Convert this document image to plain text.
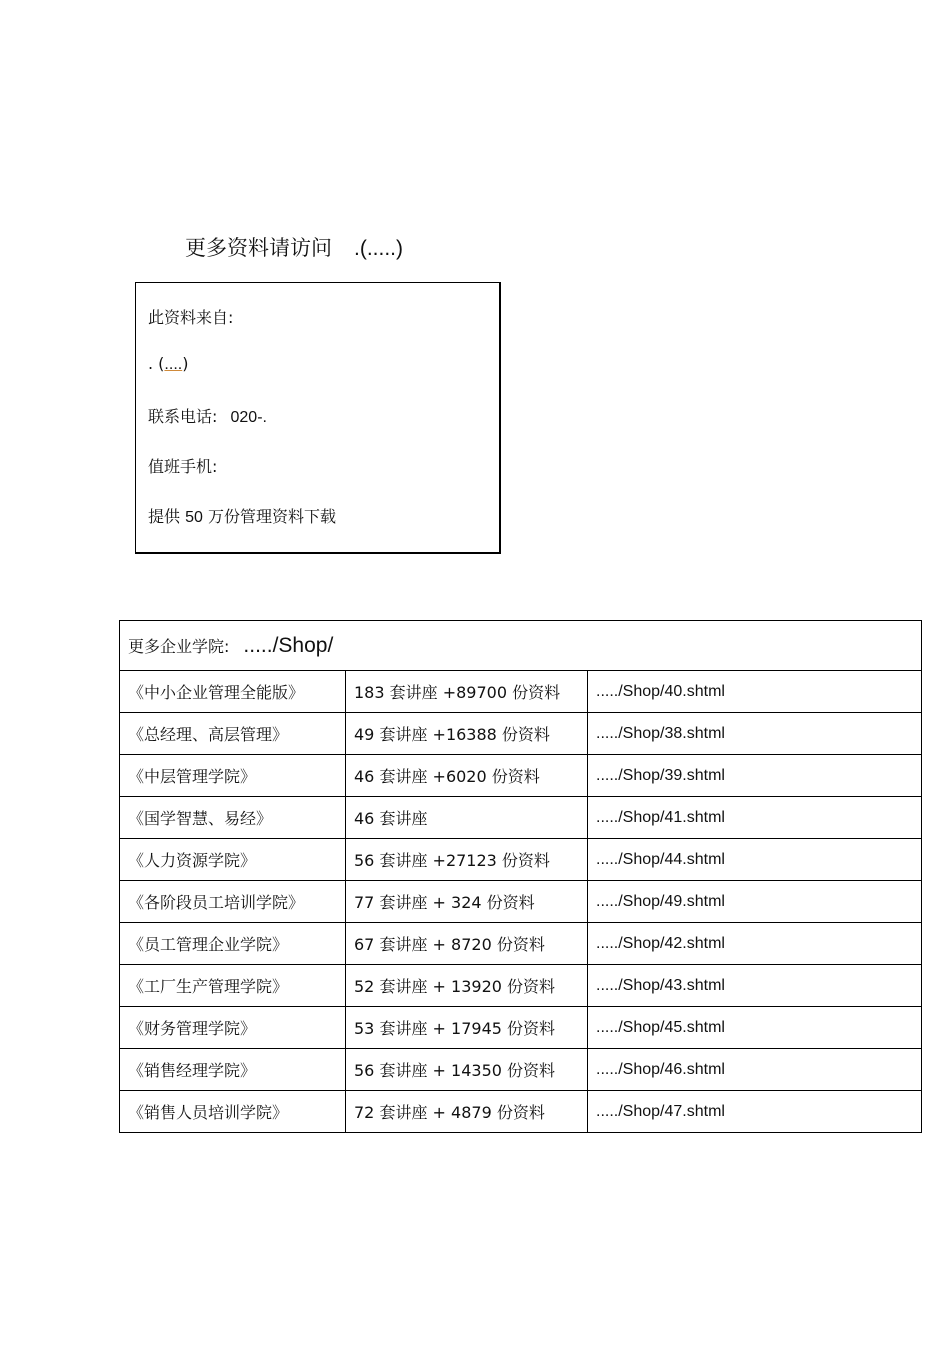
更多资料请访问 .(.....)
此资料来自:
. (....)
联系电话: 020-.
值班手机:
提供 50 万份管理资料下载
更多企业学院: ...../Shop/		
《中小企业管理全能版》	183 套讲座 +89700 份资料	...../Shop/40.shtml
《总经理、高层管理》	49 套讲座 +16388 份资料	...../Shop/38.shtml
《中层管理学院》	46 套讲座 +6020 份资料	...../Shop/39.shtml
《国学智慧、易经》	46 套讲座	...../Shop/41.shtml
《人力资源学院》	56 套讲座 +27123 份资料	...../Shop/44.shtml
《各阶段员工培训学院》	77 套讲座 + 324 份资料	...../Shop/49.shtml
《员工管理企业学院》	67 套讲座 + 8720 份资料	...../Shop/42.shtml
《工厂生产管理学院》	52 套讲座 + 13920 份资料	...../Shop/43.shtml
《财务管理学院》	53 套讲座 + 17945 份资料	...../Shop/45.shtml
《销售经理学院》	56 套讲座 + 14350 份资料	...../Shop/46.shtml
《销售人员培训学院》	72 套讲座 + 4879 份资料	...../Shop/47.shtml
